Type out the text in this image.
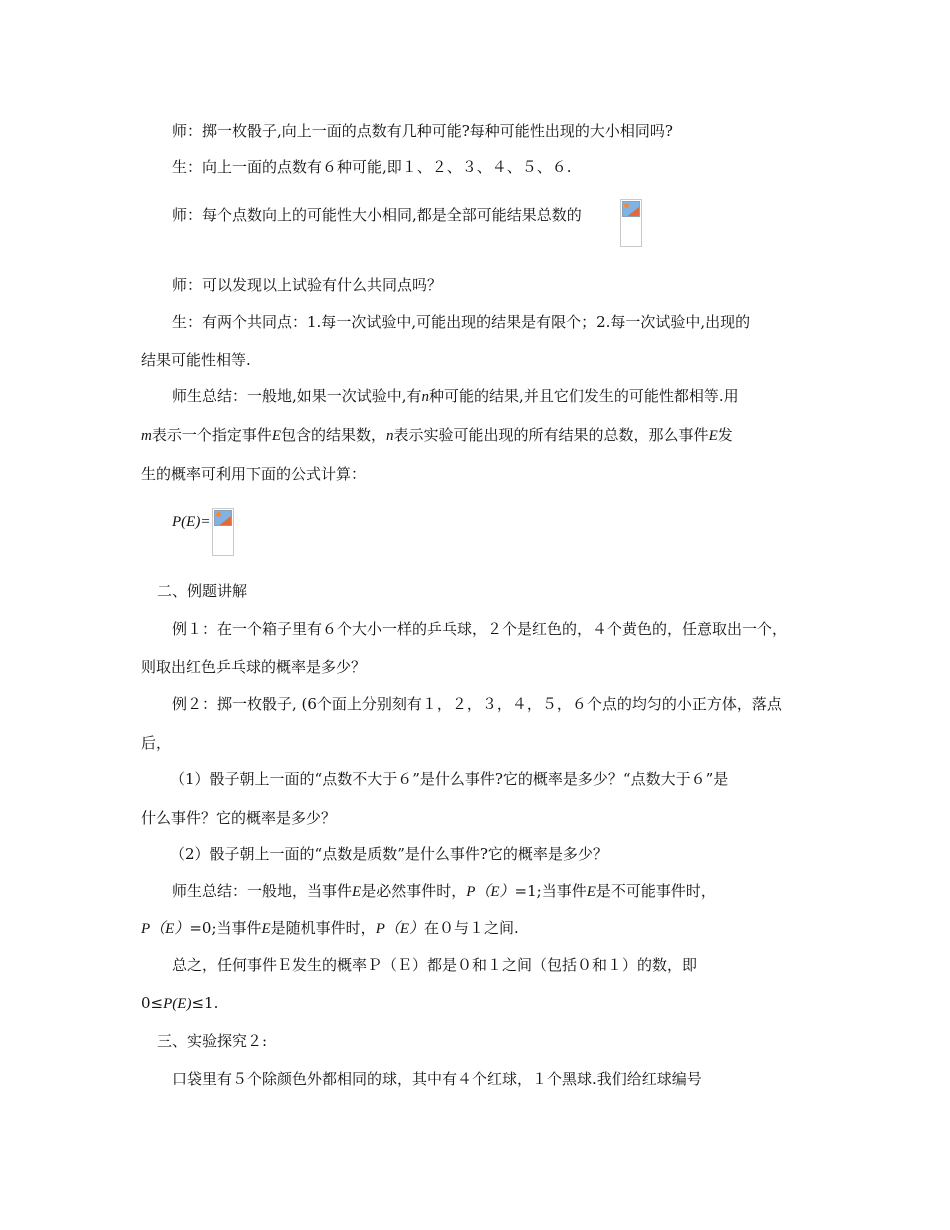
师：掷一枚骰子,向上一面的点数有几种可能?每种可能性出现的大小相同吗?
生：向上一面的点数有６种可能,即１、２、３、４、５、６.
师：每个点数向上的可能性大小相同,都是全部可能结果总数的
师：可以发现以上试验有什么共同点吗？
生：有两个共同点：1.每一次试验中,可能出现的结果是有限个；2.每一次试验中,出现的
结果可能性相等.
师生总结：一般地,如果一次试验中,有n种可能的结果,并且它们发生的可能性都相等.用
m表示一个指定事件E包含的结果数，n表示实验可能出现的所有结果的总数，那么事件E发
生的概率可利用下面的公式计算：
P(E)=
二、例题讲解
例１：在一个箱子里有６个大小一样的乒乓球，２个是红色的，４个黄色的，任意取出一个，
则取出红色乒乓球的概率是多少？
例２：掷一枚骰子, (6个面上分别刻有１，２，３，４，５，６个点的均匀的小正方体，落点
后，
（1）骰子朝上一面的“点数不大于６”是什么事件?它的概率是多少？“点数大于６”是
什么事件？它的概率是多少？
（2）骰子朝上一面的“点数是质数”是什么事件?它的概率是多少？
师生总结：一般地，当事件E是必然事件时，P（E）=1;当事件E是不可能事件时，
P（E）=0;当事件E是随机事件时，P（E）在０与１之间.
总之，任何事件Ｅ发生的概率Ｐ（Ｅ）都是０和１之间（包括０和１）的数，即
0≤P(E)≤1.
三、实验探究２:
口袋里有５个除颜色外都相同的球，其中有４个红球，１个黑球.我们给红球编号
